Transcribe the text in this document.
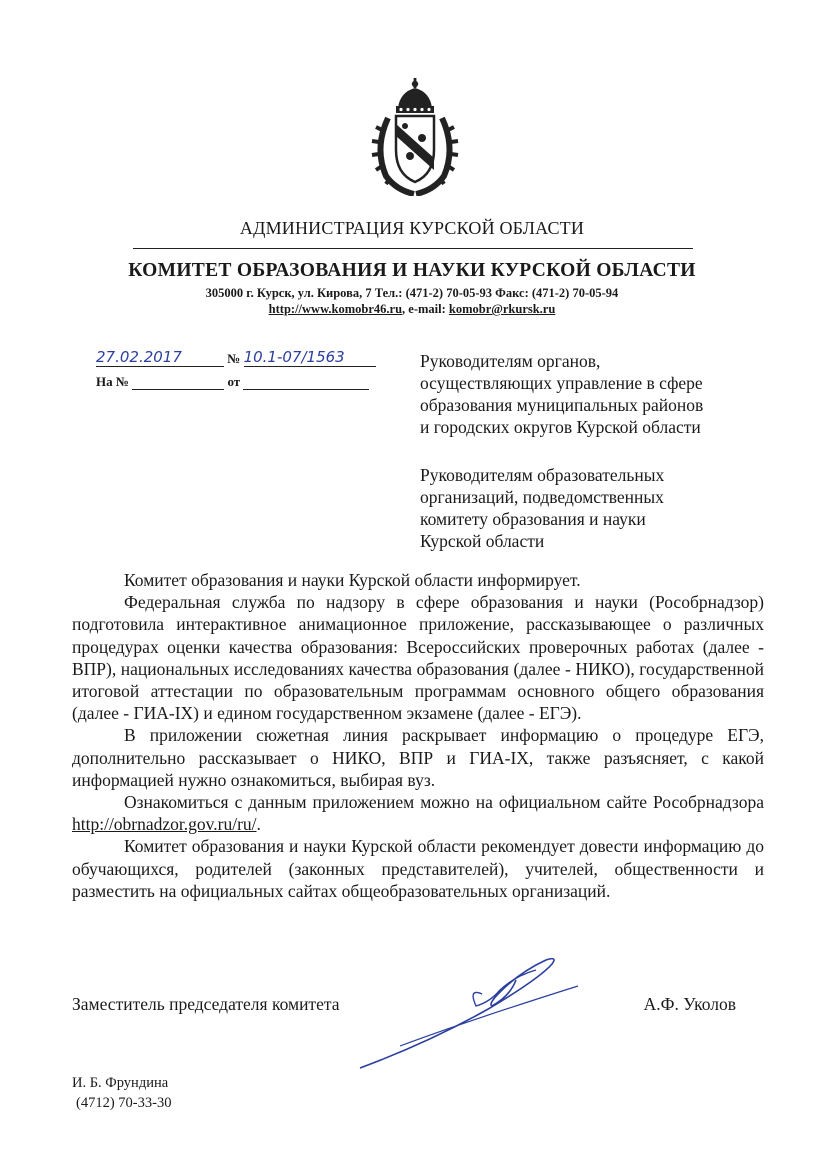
АДМИНИСТРАЦИЯ КУРСКОЙ ОБЛАСТИ
КОМИТЕТ ОБРАЗОВАНИЯ И НАУКИ КУРСКОЙ ОБЛАСТИ
305000 г. Курск, ул. Кирова, 7 Тел.: (471-2) 70-05-93 Факс: (471-2) 70-05-94
http://www.komobr46.ru, e-mail: komobr@rkursk.ru
27.02.2017	№ 10.1-07/1563
На №	от
Руководителям органов,
осуществляющих управление в сфере
образования муниципальных районов
и городских округов Курской области
Руководителям образовательных
организаций, подведомственных
комитету образования и науки
Курской области

Комитет образования и науки Курской области информирует.

Федеральная служба по надзору в сфере образования и науки (Рособрнадзор) подготовила интерактивное анимационное приложение, рассказывающее о различных процедурах оценки качества образования: Всероссийских проверочных работах (далее - ВПР), национальных исследованиях качества образования (далее - НИКО), государственной итоговой аттестации по образовательным программам основного общего образования (далее - ГИА-IX) и едином государственном экзамене (далее - ЕГЭ).

В приложении сюжетная линия раскрывает информацию о процедуре ЕГЭ, дополнительно рассказывает о НИКО, ВПР и ГИА-IX, также разъясняет, с какой информацией нужно ознакомиться, выбирая вуз.

Ознакомиться с данным приложением можно на официальном сайте Рособрнадзора http://obrnadzor.gov.ru/ru/.

Комитет образования и науки Курской области рекомендует довести информацию до обучающихся, родителей (законных представителей), учителей, общественности и разместить на официальных сайтах общеобразовательных организаций.

Заместитель председателя комитета	А.Ф. Уколов
И. Б. Фрундина
(4712) 70-33-30
